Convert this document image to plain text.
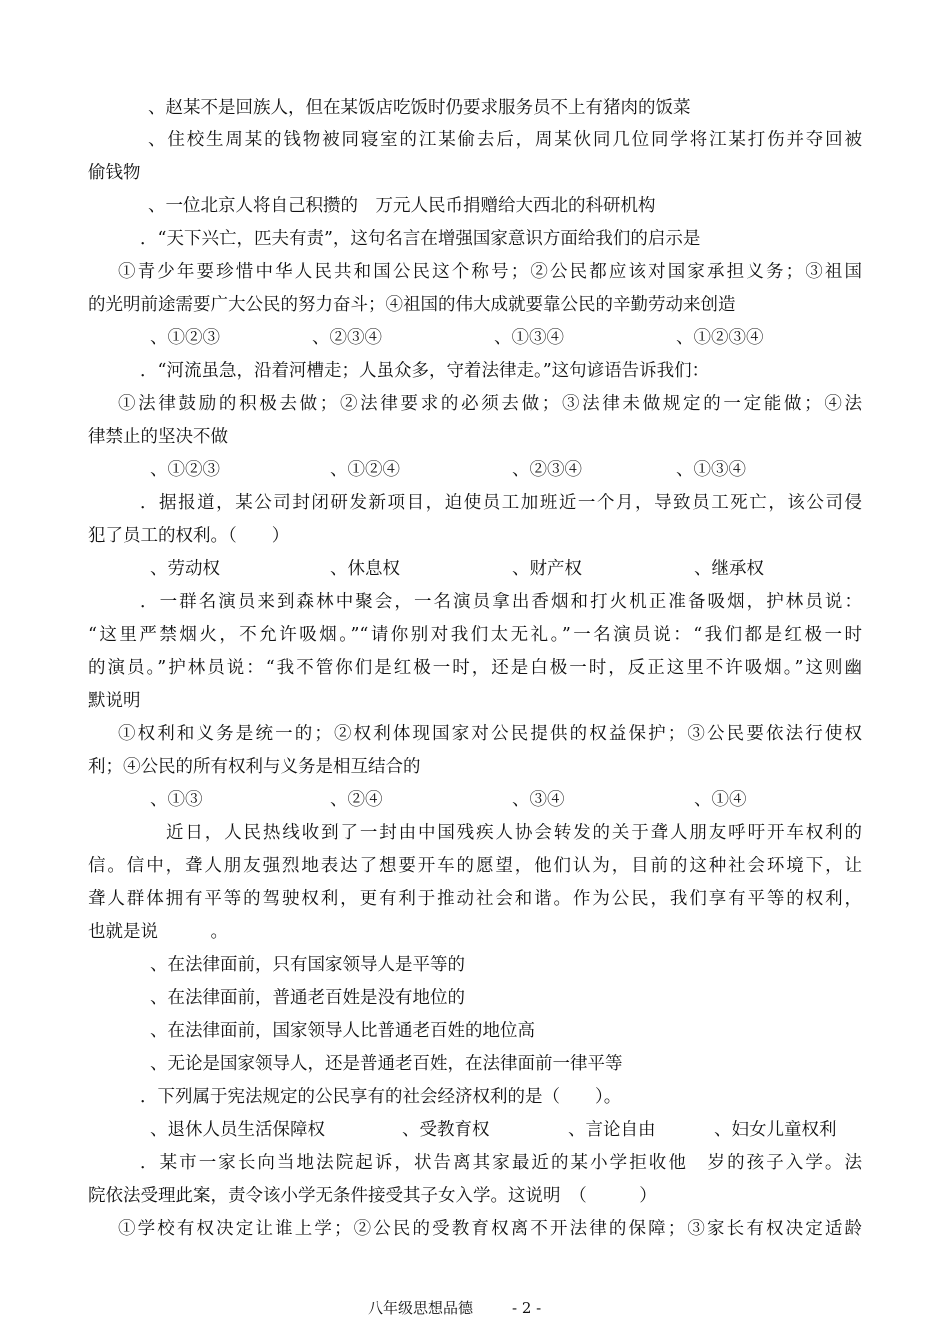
、赵某不是回族人，但在某饭店吃饭时仍要求服务员不上有猪肉的饭菜
、住校生周某的钱物被同寝室的江某偷去后，周某伙同几位同学将江某打伤并夺回被
偷钱物
、一位北京人将自己积攒的　万元人民币捐赠给大西北的科研机构
．“天下兴亡，匹夫有责”，这句名言在增强国家意识方面给我们的启示是
①青少年要珍惜中华人民共和国公民这个称号；②公民都应该对国家承担义务；③祖国
的光明前途需要广大公民的努力奋斗；④祖国的伟大成就要靠公民的辛勤劳动来创造
、①②③	、②③④	、①③④	、①②③④
．“河流虽急，沿着河槽走；人虽众多，守着法律走。”这句谚语告诉我们：
①法律鼓励的积极去做；②法律要求的必须去做；③法律未做规定的一定能做；④法
律禁止的坚决不做
、①②③	、①②④	、②③④	、①③④
．据报道，某公司封闭研发新项目，迫使员工加班近一个月，导致员工死亡，该公司侵
犯了员工的权利。（　　）
、劳动权	、休息权	、财产权	、继承权
．一群名演员来到森林中聚会，一名演员拿出香烟和打火机正准备吸烟，护林员说：
“这里严禁烟火，不允许吸烟。”“请你别对我们太无礼。”一名演员说：“我们都是红极一时
的演员。”护林员说：“我不管你们是红极一时，还是白极一时，反正这里不许吸烟。”这则幽
默说明
①权利和义务是统一的；②权利体现国家对公民提供的权益保护；③公民要依法行使权
利；④公民的所有权利与义务是相互结合的
、①③	、②④	、③④	、①④
近日，人民热线收到了一封由中国残疾人协会转发的关于聋人朋友呼吁开车权利的
信。信中，聋人朋友强烈地表达了想要开车的愿望，他们认为，目前的这种社会环境下，让
聋人群体拥有平等的驾驶权利，更有利于推动社会和谐。作为公民，我们享有平等的权利，
也就是说　　　。
、在法律面前，只有国家领导人是平等的
、在法律面前，普通老百姓是没有地位的
、在法律面前，国家领导人比普通老百姓的地位高
、无论是国家领导人，还是普通老百姓，在法律面前一律平等
．下列属于宪法规定的公民享有的社会经济权利的是（　　）。
、退休人员生活保障权	、受教育权	、言论自由	、妇女儿童权利
．某市一家长向当地法院起诉，状告离其家最近的某小学拒收他　岁的孩子入学。法
院依法受理此案，责令该小学无条件接受其子女入学。这说明　（　　　）
①学校有权决定让谁上学；②公民的受教育权离不开法律的保障；③家长有权决定适龄
八年级思想品德	- 2 -
